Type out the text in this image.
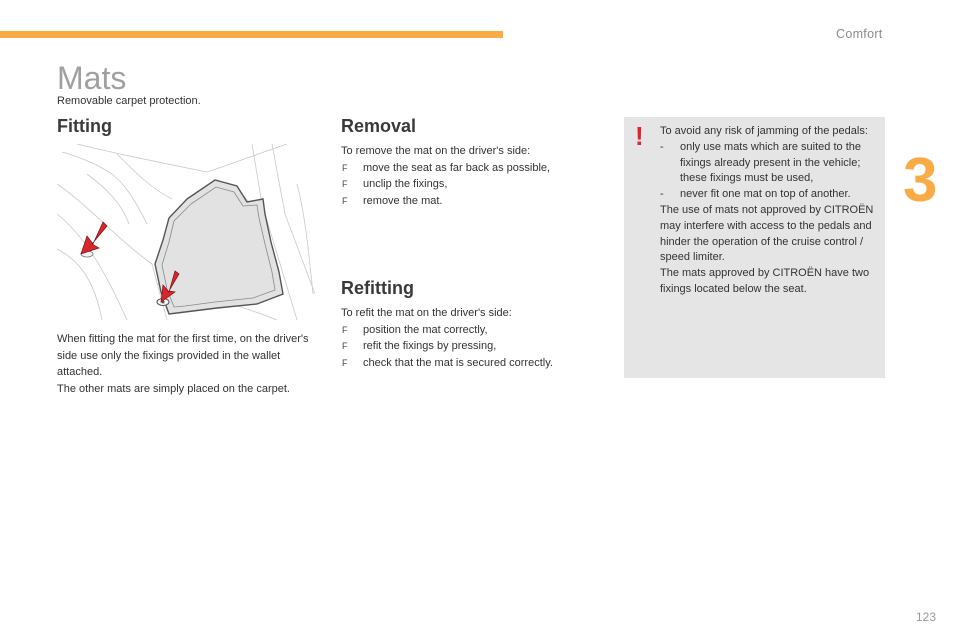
Comfort
3
Mats
Removable carpet protection.
Fitting

When fitting the mat for the first time, on the driver's side use only the fixings provided in the wallet attached.

The other mats are simply placed on the carpet.

Removal

To remove the mat on the driver's side:

F move the seat as far back as possible,
F unclip the fixings,
F remove the mat.
Refitting

To refit the mat on the driver's side:

F position the mat correctly,
F refit the fixings by pressing,
F check that the mat is secured correctly.
! To avoid any risk of jamming of the pedals:

- only use mats which are suited to the fixings already present in the vehicle; these fixings must be used,
- never fit one mat on top of another.

The use of mats not approved by CITROËN may interfere with access to the pedals and hinder the operation of the cruise control / speed limiter.

The mats approved by CITROËN have two fixings located below the seat.

123
